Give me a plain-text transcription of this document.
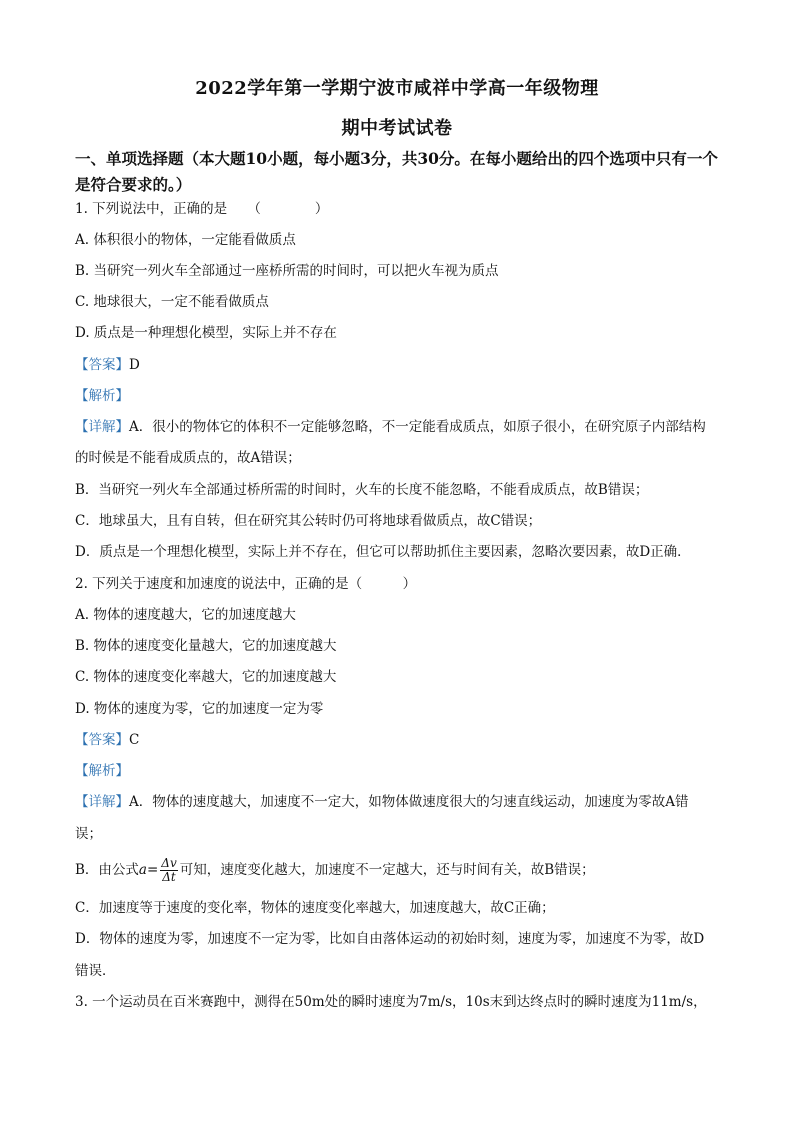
2022学年第一学期宁波市咸祥中学高一年级物理
期中考试试卷
一、单项选择题（本大题10小题，每小题3分，共30分。在每小题给出的四个选项中只有一个是符合要求的。）
1. 下列说法中，正确的是　　（　　　　）
A. 体积很小的物体，一定能看做质点
B. 当研究一列火车全部通过一座桥所需的时间时，可以把火车视为质点
C. 地球很大，一定不能看做质点
D. 质点是一种理想化模型，实际上并不存在
【答案】D
【解析】
【详解】A．很小的物体它的体积不一定能够忽略，不一定能看成质点，如原子很小，在研究原子内部结构
的时候是不能看成质点的，故A错误；
B．当研究一列火车全部通过桥所需的时间时，火车的长度不能忽略，不能看成质点，故B错误；
C．地球虽大，且有自转，但在研究其公转时仍可将地球看做质点，故C错误；
D．质点是一个理想化模型，实际上并不存在，但它可以帮助抓住主要因素，忽略次要因素，故D正确．
2. 下列关于速度和加速度的说法中，正确的是（　　　）
A. 物体的速度越大，它的加速度越大
B. 物体的速度变化量越大，它的加速度越大
C. 物体的速度变化率越大，它的加速度越大
D. 物体的速度为零，它的加速度一定为零
【答案】C
【解析】
【详解】A．物体的速度越大，加速度不一定大，如物体做速度很大的匀速直线运动，加速度为零故A错
误；
B．由公式$a= \frac{\Delta v}{\Delta t}$ 可知，速度变化越大，加速度不一定越大，还与时间有关，故B错误；
C．加速度等于速度的变化率，物体的速度变化率越大，加速度越大，故C正确；
D．物体的速度为零，加速度不一定为零，比如自由落体运动的初始时刻，速度为零，加速度不为零，故D
错误．
3. 一个运动员在百米赛跑中，测得在50m处的瞬时速度为7m/s，10s末到达终点时的瞬时速度为11m/s，
